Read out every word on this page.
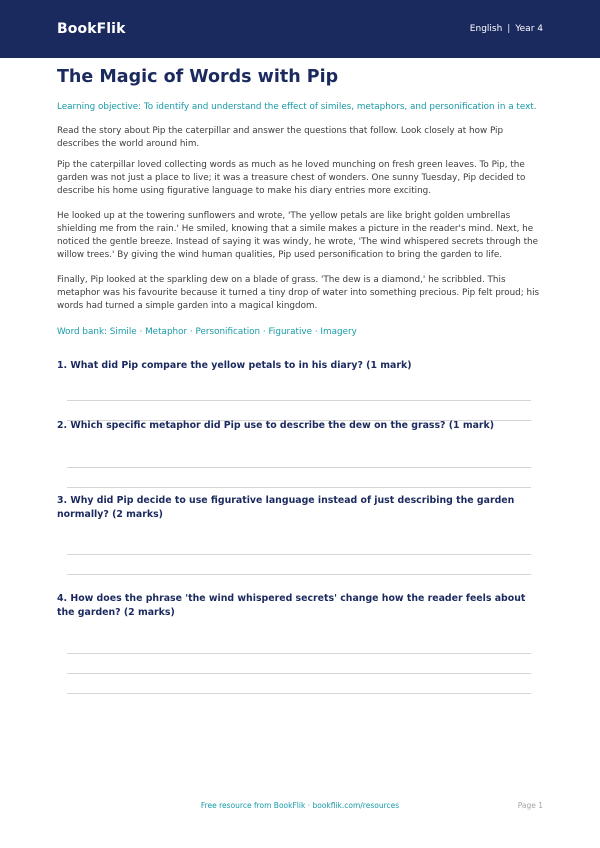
BookFlik	English | Year 4
The Magic of Words with Pip
Learning objective: To identify and understand the effect of similes, metaphors, and personification in a text.
Read the story about Pip the caterpillar and answer the questions that follow. Look closely at how Pip describes the world around him.
Pip the caterpillar loved collecting words as much as he loved munching on fresh green leaves. To Pip, the garden was not just a place to live; it was a treasure chest of wonders. One sunny Tuesday, Pip decided to describe his home using figurative language to make his diary entries more exciting.
He looked up at the towering sunflowers and wrote, 'The yellow petals are like bright golden umbrellas shielding me from the rain.' He smiled, knowing that a simile makes a picture in the reader's mind. Next, he noticed the gentle breeze. Instead of saying it was windy, he wrote, 'The wind whispered secrets through the willow trees.' By giving the wind human qualities, Pip used personification to bring the garden to life.
Finally, Pip looked at the sparkling dew on a blade of grass. 'The dew is a diamond,' he scribbled. This metaphor was his favourite because it turned a tiny drop of water into something precious. Pip felt proud; his words had turned a simple garden into a magical kingdom.
Word bank: Simile · Metaphor · Personification · Figurative · Imagery
1. What did Pip compare the yellow petals to in his diary? (1 mark)
2. Which specific metaphor did Pip use to describe the dew on the grass? (1 mark)
3. Why did Pip decide to use figurative language instead of just describing the garden normally? (2 marks)
4. How does the phrase 'the wind whispered secrets' change how the reader feels about the garden? (2 marks)
Free resource from BookFlik · bookflik.com/resources	Page 1
